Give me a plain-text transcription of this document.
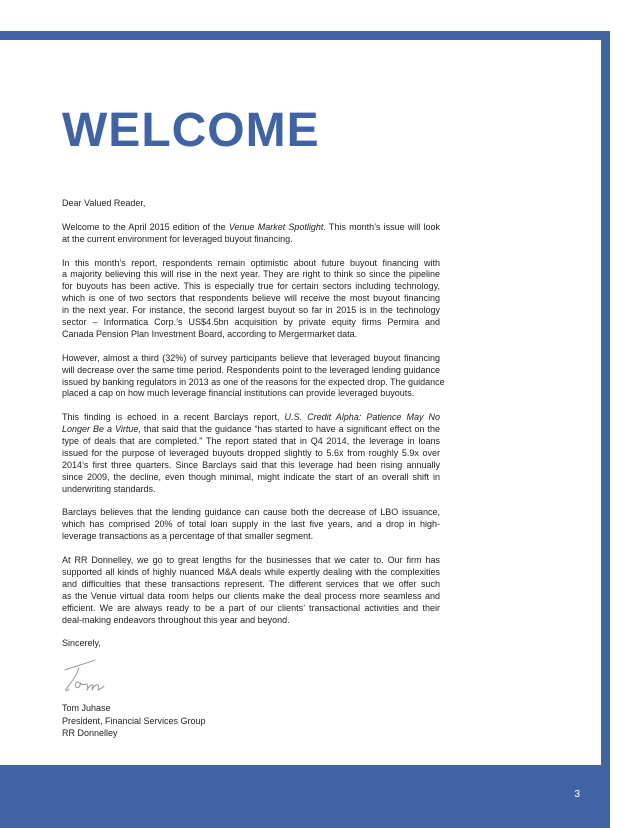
WELCOME

Dear Valued Reader,

Welcome to the April 2015 edition of the Venue Market Spotlight. This month’s issue will look
at the current environment for leveraged buyout financing.

In this month’s report, respondents remain optimistic about future buyout financing with
a majority believing this will rise in the next year. They are right to think so since the pipeline
for buyouts has been active. This is especially true for certain sectors including technology,
which is one of two sectors that respondents believe will receive the most buyout financing
in the next year. For instance, the second largest buyout so far in 2015 is in the technology
sector – Informatica Corp.’s US$4.5bn acquisition by private equity firms Permira and
Canada Pension Plan Investment Board, according to Mergermarket data.

However, almost a third (32%) of survey participants believe that leveraged buyout financing
will decrease over the same time period. Respondents point to the leveraged lending guidance
issued by banking regulators in 2013 as one of the reasons for the expected drop. The guidance
placed a cap on how much leverage financial institutions can provide leveraged buyouts.

This finding is echoed in a recent Barclays report, U.S. Credit Alpha: Patience May No
Longer Be a Virtue, that said that the guidance “has started to have a significant effect on the
type of deals that are completed.” The report stated that in Q4 2014, the leverage in loans
issued for the purpose of leveraged buyouts dropped slightly to 5.6x from roughly 5.9x over
2014’s first three quarters. Since Barclays said that this leverage had been rising annually
since 2009, the decline, even though minimal, might indicate the start of an overall shift in
underwriting standards.

Barclays believes that the lending guidance can cause both the decrease of LBO issuance,
which has comprised 20% of total loan supply in the last five years, and a drop in high-
leverage transactions as a percentage of that smaller segment.

At RR Donnelley, we go to great lengths for the businesses that we cater to. Our firm has
supported all kinds of highly nuanced M&A deals while expertly dealing with the complexities
and difficulties that these transactions represent. The different services that we offer such
as the Venue virtual data room helps our clients make the deal process more seamless and
efficient. We are always ready to be a part of our clients’ transactional activities and their
deal-making endeavors throughout this year and beyond.

Sincerely,

Tom Juhase
President, Financial Services Group
RR Donnelley
3
